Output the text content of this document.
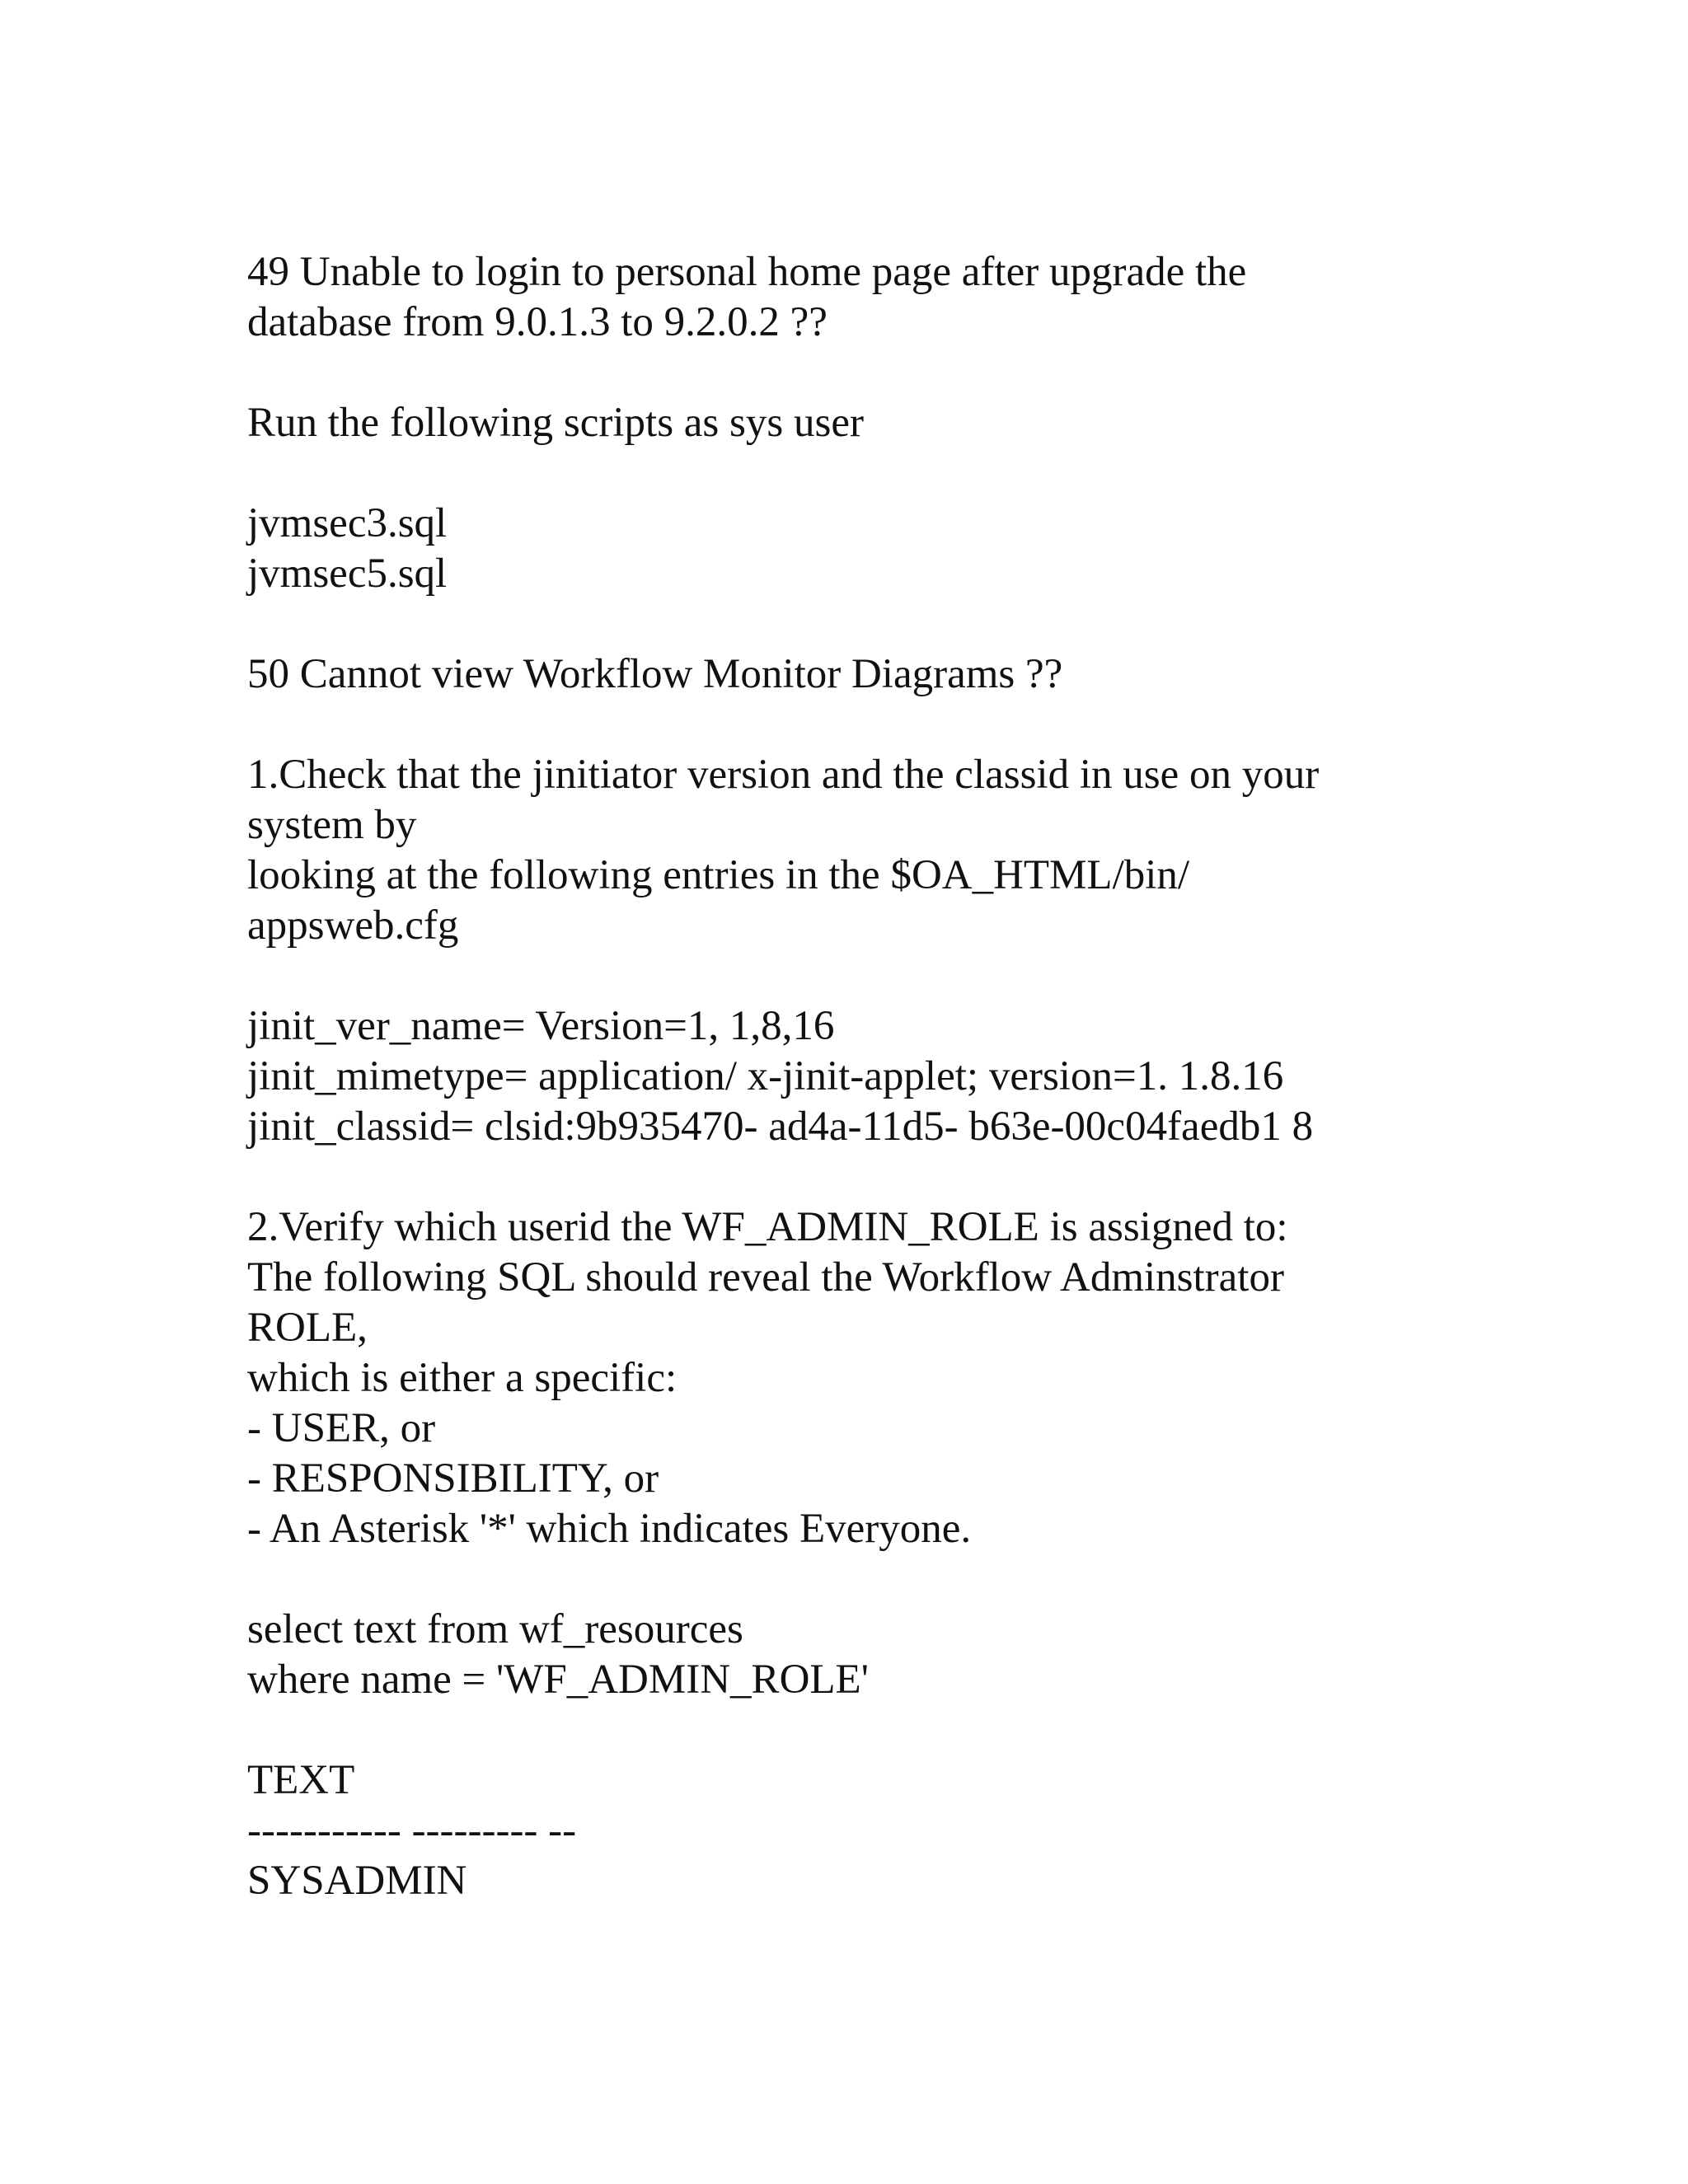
49 Unable to login to personal home page after upgrade the
database from 9.0.1.3 to 9.2.0.2 ??
Run the following scripts as sys user
jvmsec3.sql
jvmsec5.sql
50 Cannot view Workflow Monitor Diagrams ??
1.Check that the jinitiator version and the classid in use on your
system by
looking at the following entries in the $OA_HTML/bin/
appsweb.cfg
jinit_ver_name= Version=1, 1,8,16
jinit_mimetype= application/ x-jinit-applet; version=1. 1.8.16
jinit_classid= clsid:9b935470- ad4a-11d5- b63e-00c04faedb1 8
2.Verify which userid the WF_ADMIN_ROLE is assigned to:
The following SQL should reveal the Workflow Adminstrator
ROLE,
which is either a specific:
- USER, or
- RESPONSIBILITY, or
- An Asterisk '*' which indicates Everyone.
select text from wf_resources
where name = 'WF_ADMIN_ROLE'
TEXT
----------- --------- --
SYSADMIN
